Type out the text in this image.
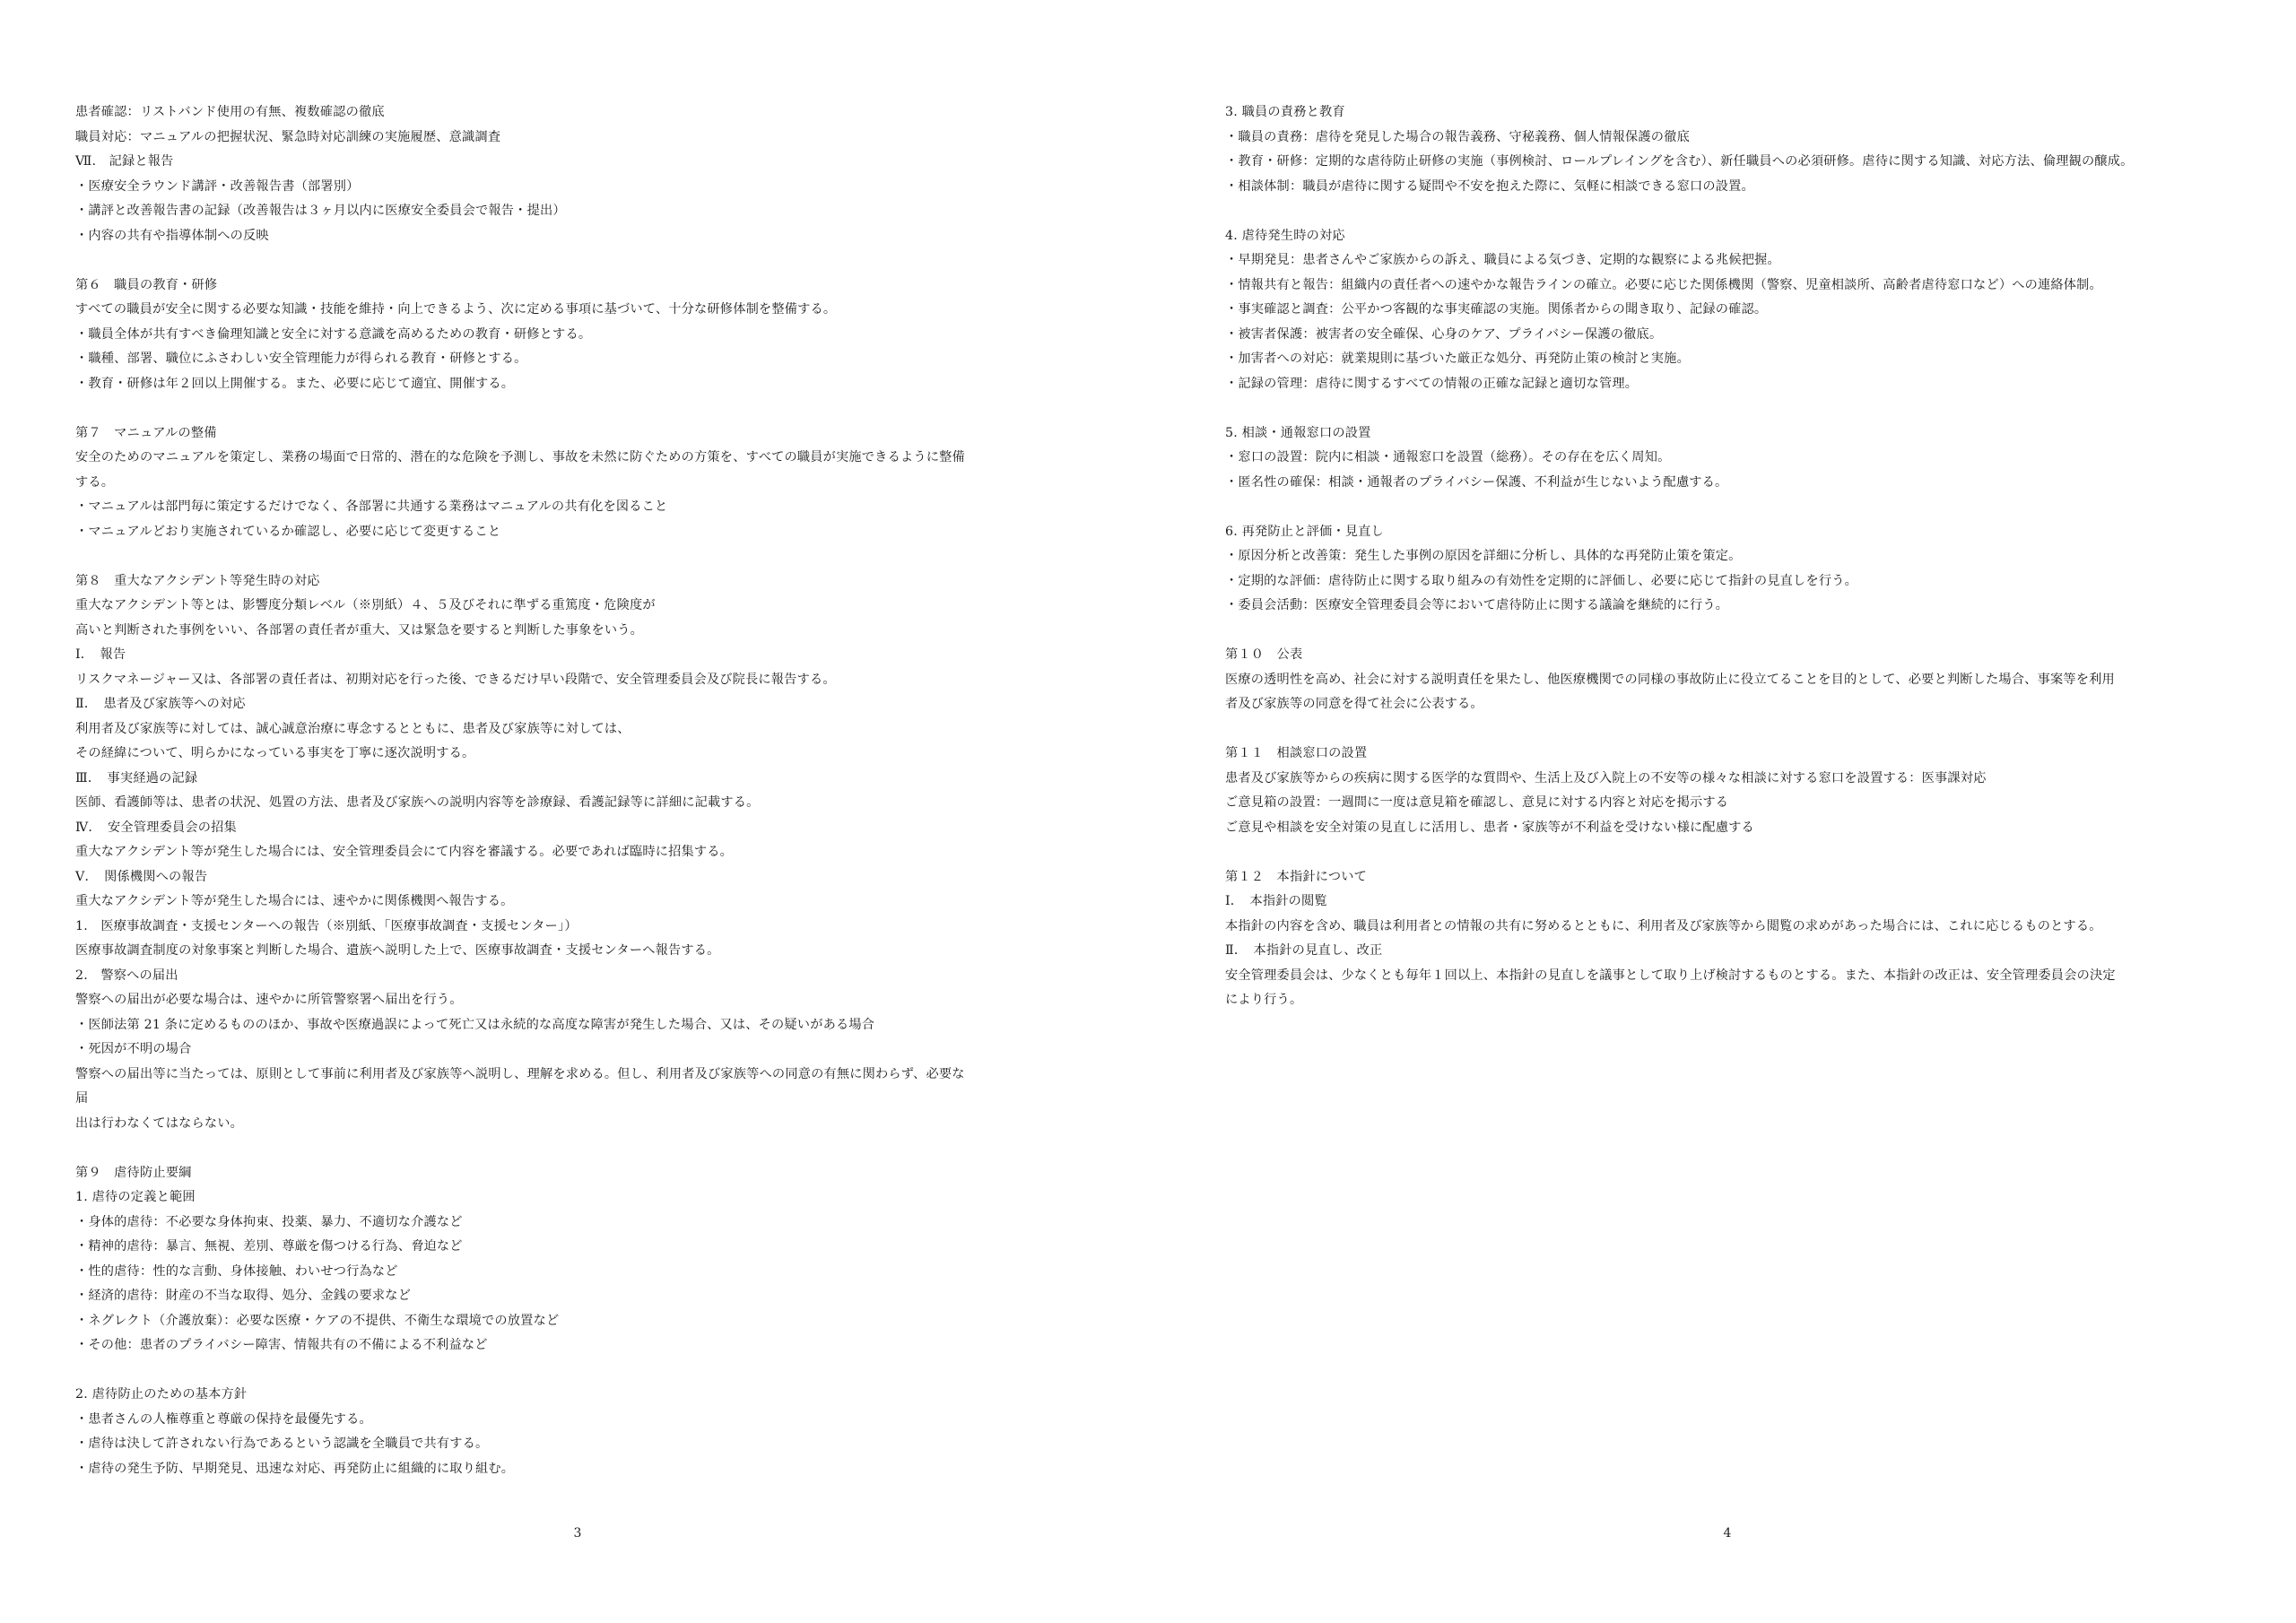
患者確認：リストバンド使用の有無、複数確認の徹底
職員対応：マニュアルの把握状況、緊急時対応訓練の実施履歴、意識調査
Ⅶ.　記録と報告
・医療安全ラウンド講評・改善報告書（部署別）
・講評と改善報告書の記録（改善報告は３ヶ月以内に医療安全委員会で報告・提出）
・内容の共有や指導体制への反映
第６　職員の教育・研修
すべての職員が安全に関する必要な知識・技能を維持・向上できるよう、次に定める事項に基づいて、十分な研修体制を整備する。
・職員全体が共有すべき倫理知識と安全に対する意識を高めるための教育・研修とする。
・職種、部署、職位にふさわしい安全管理能力が得られる教育・研修とする。
・教育・研修は年２回以上開催する。また、必要に応じて適宜、開催する。
第７　マニュアルの整備
安全のためのマニュアルを策定し、業務の場面で日常的、潜在的な危険を予測し、事故を未然に防ぐための方策を、すべての職員が実施できるように整備
する。
・マニュアルは部門毎に策定するだけでなく、各部署に共通する業務はマニュアルの共有化を図ること
・マニュアルどおり実施されているか確認し、必要に応じて変更すること
第８　重大なアクシデント等発生時の対応
重大なアクシデント等とは、影響度分類レベル（※別紙）４、５及びそれに準ずる重篤度・危険度が
高いと判断された事例をいい、各部署の責任者が重大、又は緊急を要すると判断した事象をいう。
Ⅰ．　報告
リスクマネージャー又は、各部署の責任者は、初期対応を行った後、できるだけ早い段階で、安全管理委員会及び院長に報告する。
Ⅱ．　患者及び家族等への対応
利用者及び家族等に対しては、誠心誠意治療に専念するとともに、患者及び家族等に対しては、
その経緯について、明らかになっている事実を丁寧に逐次説明する。
Ⅲ．　事実経過の記録
医師、看護師等は、患者の状況、処置の方法、患者及び家族への説明内容等を診療録、看護記録等に詳細に記載する。
Ⅳ．　安全管理委員会の招集
重大なアクシデント等が発生した場合には、安全管理委員会にて内容を審議する。必要であれば臨時に招集する。
Ⅴ．　関係機関への報告
重大なアクシデント等が発生した場合には、速やかに関係機関へ報告する。
1.　医療事故調査・支援センターへの報告（※別紙、「医療事故調査・支援センター」）
医療事故調査制度の対象事案と判断した場合、遺族へ説明した上で、医療事故調査・支援センターへ報告する。
2.　警察への届出
警察への届出が必要な場合は、速やかに所管警察署へ届出を行う。
・医師法第 21 条に定めるもののほか、事故や医療過誤によって死亡又は永続的な高度な障害が発生した場合、又は、その疑いがある場合
・死因が不明の場合
警察への届出等に当たっては、原則として事前に利用者及び家族等へ説明し、理解を求める。但し、利用者及び家族等への同意の有無に関わらず、必要な
届
出は行わなくてはならない。
第９　虐待防止要綱
1. 虐待の定義と範囲
・身体的虐待：不必要な身体拘束、投薬、暴力、不適切な介護など
・精神的虐待：暴言、無視、差別、尊厳を傷つける行為、脅迫など
・性的虐待：性的な言動、身体接触、わいせつ行為など
・経済的虐待：財産の不当な取得、処分、金銭の要求など
・ネグレクト（介護放棄）：必要な医療・ケアの不提供、不衛生な環境での放置など
・その他：患者のプライバシー障害、情報共有の不備による不利益など
2. 虐待防止のための基本方針
・患者さんの人権尊重と尊厳の保持を最優先する。
・虐待は決して許されない行為であるという認識を全職員で共有する。
・虐待の発生予防、早期発見、迅速な対応、再発防止に組織的に取り組む。
3
3. 職員の責務と教育
・職員の責務：虐待を発見した場合の報告義務、守秘義務、個人情報保護の徹底
・教育・研修：定期的な虐待防止研修の実施（事例検討、ロールプレイングを含む）、新任職員への必須研修。虐待に関する知識、対応方法、倫理観の醸成。
・相談体制：職員が虐待に関する疑問や不安を抱えた際に、気軽に相談できる窓口の設置。
4. 虐待発生時の対応
・早期発見：患者さんやご家族からの訴え、職員による気づき、定期的な観察による兆候把握。
・情報共有と報告：組織内の責任者への速やかな報告ラインの確立。必要に応じた関係機関（警察、児童相談所、高齢者虐待窓口など）への連絡体制。
・事実確認と調査：公平かつ客観的な事実確認の実施。関係者からの聞き取り、記録の確認。
・被害者保護：被害者の安全確保、心身のケア、プライバシー保護の徹底。
・加害者への対応：就業規則に基づいた厳正な処分、再発防止策の検討と実施。
・記録の管理：虐待に関するすべての情報の正確な記録と適切な管理。
5. 相談・通報窓口の設置
・窓口の設置：院内に相談・通報窓口を設置（総務）。その存在を広く周知。
・匿名性の確保：相談・通報者のプライバシー保護、不利益が生じないよう配慮する。
6. 再発防止と評価・見直し
・原因分析と改善策：発生した事例の原因を詳細に分析し、具体的な再発防止策を策定。
・定期的な評価：虐待防止に関する取り組みの有効性を定期的に評価し、必要に応じて指針の見直しを行う。
・委員会活動：医療安全管理委員会等において虐待防止に関する議論を継続的に行う。
第１０　公表
医療の透明性を高め、社会に対する説明責任を果たし、他医療機関での同様の事故防止に役立てることを目的として、必要と判断した場合、事案等を利用
者及び家族等の同意を得て社会に公表する。
第１１　相談窓口の設置
患者及び家族等からの疾病に関する医学的な質問や、生活上及び入院上の不安等の様々な相談に対する窓口を設置する：医事課対応
ご意見箱の設置：一週間に一度は意見箱を確認し、意見に対する内容と対応を掲示する
ご意見や相談を安全対策の見直しに活用し、患者・家族等が不利益を受けない様に配慮する
第１２　本指針について
Ⅰ．　本指針の閲覧
本指針の内容を含め、職員は利用者との情報の共有に努めるとともに、利用者及び家族等から閲覧の求めがあった場合には、これに応じるものとする。
Ⅱ．　本指針の見直し、改正
安全管理委員会は、少なくとも毎年１回以上、本指針の見直しを議事として取り上げ検討するものとする。また、本指針の改正は、安全管理委員会の決定
により行う。
4
